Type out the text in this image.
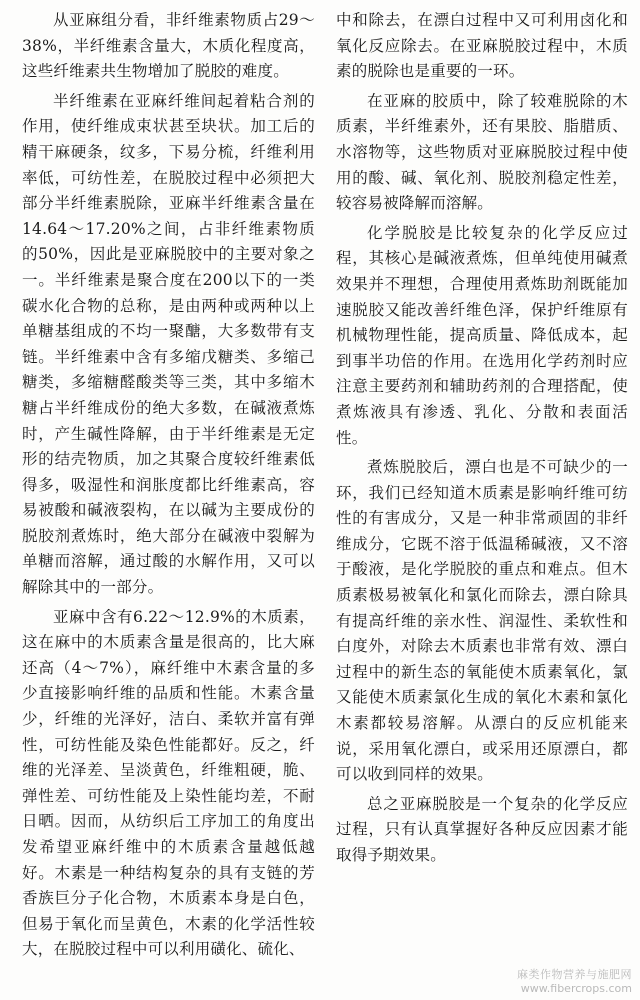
从亚麻组分看，非纤维素物质占29～38%，半纤维素含量大，木质化程度高，这些纤维素共生物增加了脱胶的难度。

半纤维素在亚麻纤维间起着粘合剂的作用，使纤维成束状甚至块状。加工后的精干麻硬条，纹多，下易分梳，纤维利用率低，可纺性差，在脱胶过程中必须把大部分半纤维素脱除，亚麻半纤维素含量在14.64～17.20%之间，占非纤维素物质的50%，因此是亚麻脱胶中的主要对象之一。半纤维素是聚合度在200以下的一类碳水化合物的总称，是由两种或两种以上单糖基组成的不均一聚醣，大多数带有支链。半纤维素中含有多缩戊糖类、多缩己糖类，多缩糖醛酸类等三类，其中多缩木糖占半纤维成份的绝大多数，在碱液煮炼时，产生碱性降解，由于半纤维素是无定形的结壳物质，加之其聚合度较纤维素低得多，吸湿性和润胀度都比纤维素高，容易被酸和碱液裂构，在以碱为主要成份的脱胶剂煮炼时，绝大部分在碱液中裂解为单糖而溶解，通过酸的水解作用，又可以解除其中的一部分。

亚麻中含有6.22～12.9%的木质素，这在麻中的木质素含量是很高的，比大麻还高（4～7%），麻纤维中木素含量的多少直接影响纤维的品质和性能。木素含量少，纤维的光泽好，洁白、柔软并富有弹性，可纺性能及染色性能都好。反之，纤维的光泽差、呈淡黄色，纤维粗硬，脆、弹性差、可纺性能及上染性能均差，不耐日晒。因而，从纺织后工序加工的角度出发希望亚麻纤维中的木质素含量越低越好。木素是一种结构复杂的具有支链的芳香族巨分子化合物，木质素本身是白色，但易于氧化而呈黄色，木素的化学活性较大，在脱胶过程中可以利用磺化、硫化、

中和除去，在漂白过程中又可利用卤化和氧化反应除去。在亚麻脱胶过程中，木质素的脱除也是重要的一环。

在亚麻的胶质中，除了较难脱除的木质素，半纤维素外，还有果胶、脂腊质、水溶物等，这些物质对亚麻脱胶过程中使用的酸、碱、氧化剂、脱胶剂稳定性差，较容易被降解而溶解。

化学脱胶是比较复杂的化学反应过程，其核心是碱液煮炼，但单纯使用碱煮效果并不理想，合理使用煮炼助剂既能加速脱胶又能改善纤维色泽，保护纤维原有机械物理性能，提高质量、降低成本，起到事半功倍的作用。在选用化学药剂时应注意主要药剂和辅助药剂的合理搭配，使煮炼液具有渗透、乳化、分散和表面活性。

煮炼脱胶后，漂白也是不可缺少的一环，我们已经知道木质素是影响纤维可纺性的有害成分，又是一种非常顽固的非纤维成分，它既不溶于低温稀碱液，又不溶于酸液，是化学脱胶的重点和难点。但木质素极易被氧化和氯化而除去，漂白除具有提高纤维的亲水性、润湿性、柔软性和白度外，对除去木质素也非常有效、漂白过程中的新生态的氧能使木质素氧化，氯又能使木质素氯化生成的氧化木素和氯化木素都较易溶解。从漂白的反应机能来说，采用氧化漂白，或采用还原漂白，都可以收到同样的效果。

总之亚麻脱胶是一个复杂的化学反应过程，只有认真掌握好各种反应因素才能取得予期效果。

麻类作物营养与施肥网
www.fibercrops.com
